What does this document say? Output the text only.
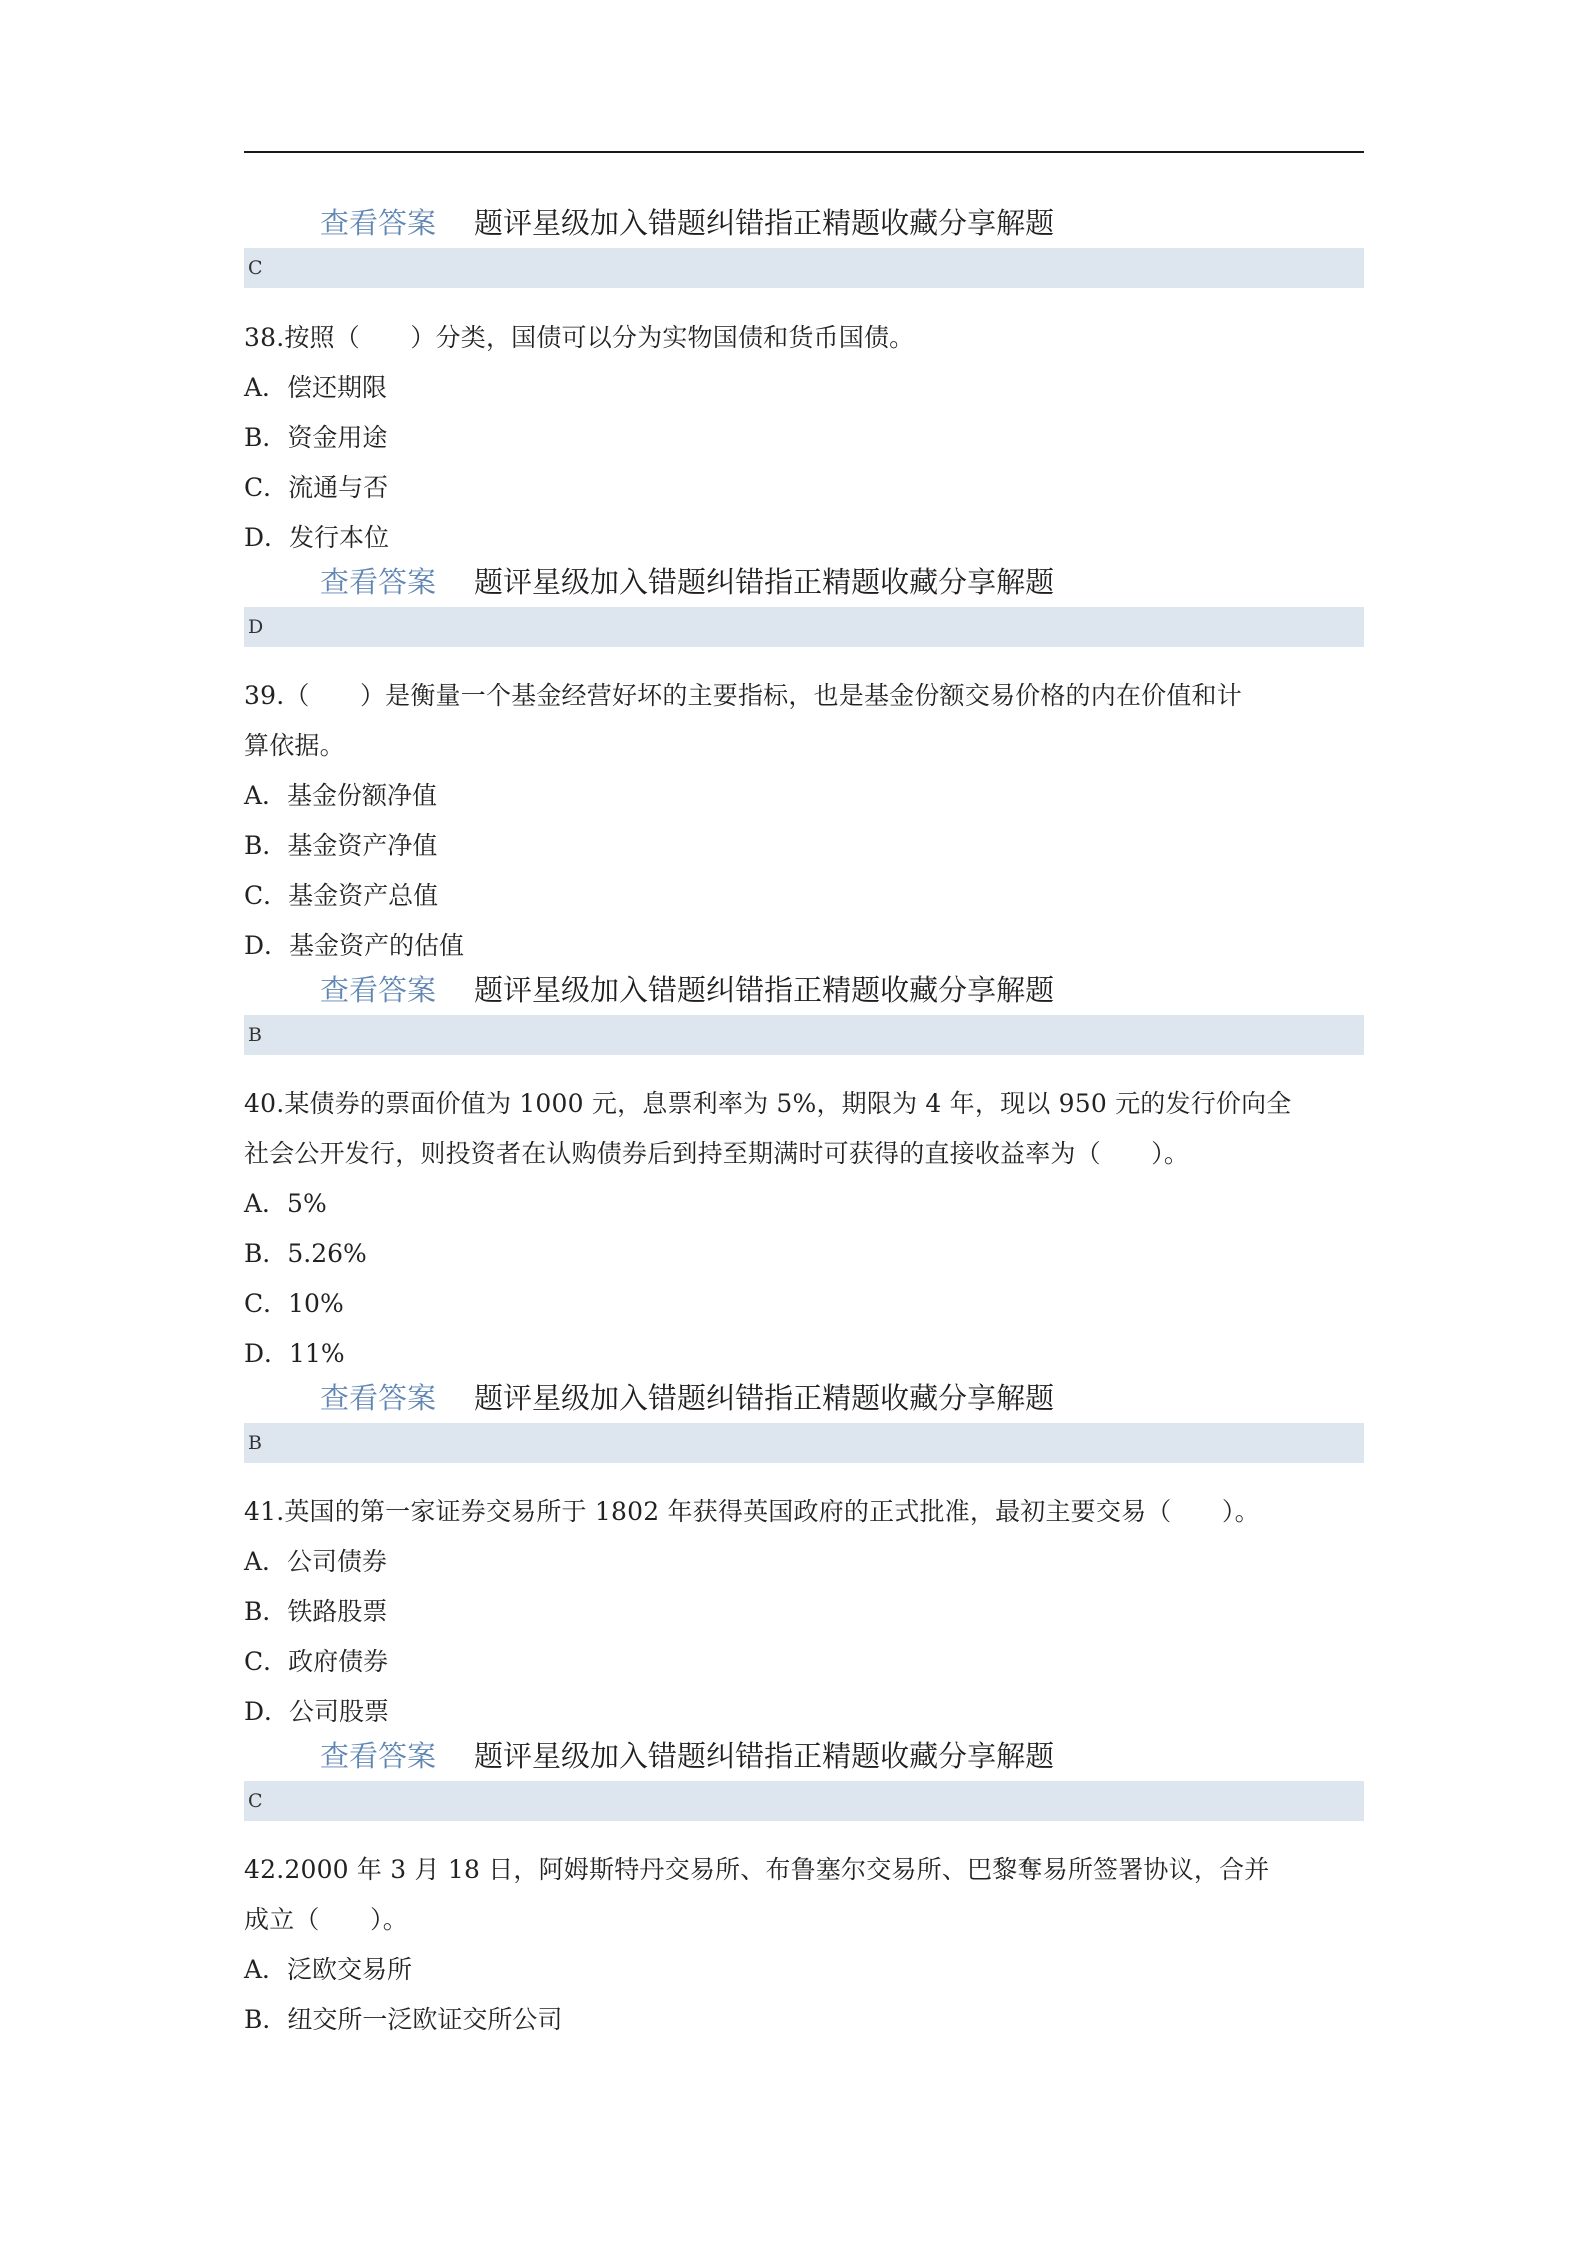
查看答案 题评星级加入错题纠错指正精题收藏分享解题
C
38.按照（　　）分类，国债可以分为实物国债和货币国债。
A．偿还期限
B．资金用途
C．流通与否
D．发行本位
查看答案 题评星级加入错题纠错指正精题收藏分享解题
D
39.（　　）是衡量一个基金经营好坏的主要指标，也是基金份额交易价格的内在价值和计
算依据。
A．基金份额净值
B．基金资产净值
C．基金资产总值
D．基金资产的估值
查看答案 题评星级加入错题纠错指正精题收藏分享解题
B
40.某债券的票面价值为 1000 元，息票利率为 5%，期限为 4 年，现以 950 元的发行价向全
社会公开发行，则投资者在认购债券后到持至期满时可获得的直接收益率为（　　）。
A．5%
B．5.26%
C．10%
D．11%
查看答案 题评星级加入错题纠错指正精题收藏分享解题
B
41.英国的第一家证券交易所于 1802 年获得英国政府的正式批准，最初主要交易（　　）。
A．公司债券
B．铁路股票
C．政府债券
D．公司股票
查看答案 题评星级加入错题纠错指正精题收藏分享解题
C
42.2000 年 3 月 18 日，阿姆斯特丹交易所、布鲁塞尔交易所、巴黎奪易所签署协议，合并
成立（　　）。
A．泛欧交易所
B．纽交所一泛欧证交所公司
